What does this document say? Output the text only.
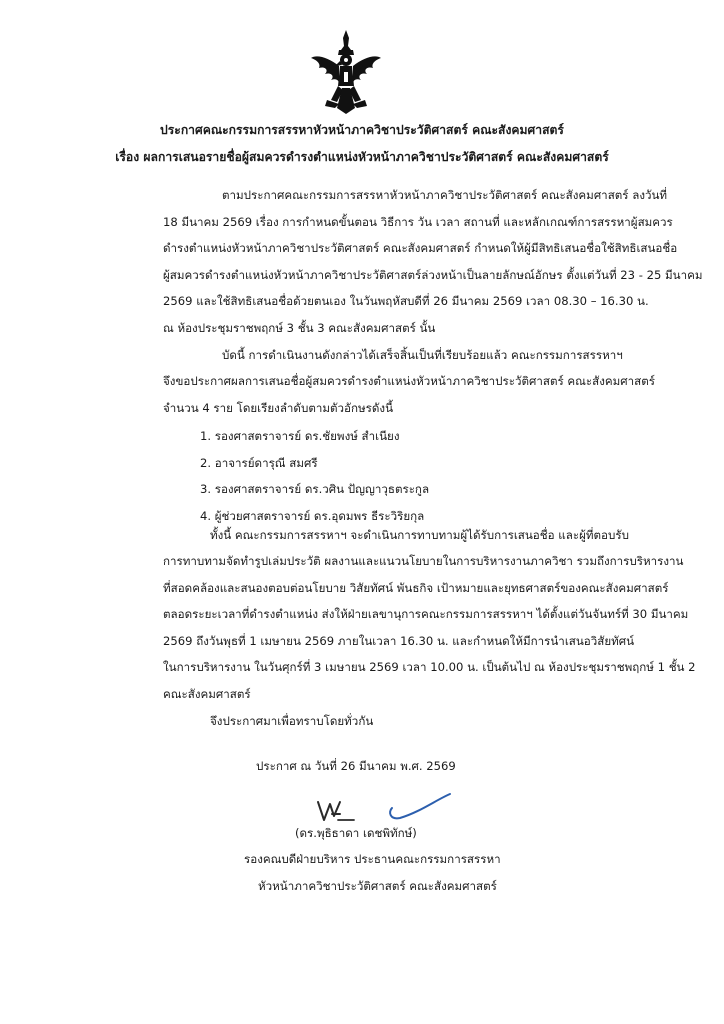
ประกาศคณะกรรมการสรรหาหัวหน้าภาควิชาประวัติศาสตร์ คณะสังคมศาสตร์
เรื่อง ผลการเสนอรายชื่อผู้สมควรดำรงตำแหน่งหัวหน้าภาควิชาประวัติศาสตร์ คณะสังคมศาสตร์
ตามประกาศคณะกรรมการสรรหาหัวหน้าภาควิชาประวัติศาสตร์ คณะสังคมศาสตร์ ลงวันที่
18 มีนาคม 2569 เรื่อง การกำหนดขั้นตอน วิธีการ วัน เวลา สถานที่ และหลักเกณฑ์การสรรหาผู้สมควร
ดำรงตำแหน่งหัวหน้าภาควิชาประวัติศาสตร์ คณะสังคมศาสตร์ กำหนดให้ผู้มีสิทธิเสนอชื่อใช้สิทธิเสนอชื่อ
ผู้สมควรดำรงตำแหน่งหัวหน้าภาควิชาประวัติศาสตร์ล่วงหน้าเป็นลายลักษณ์อักษร ตั้งแต่วันที่ 23 - 25 มีนาคม
2569 และใช้สิทธิเสนอชื่อด้วยตนเอง ในวันพฤหัสบดีที่ 26 มีนาคม 2569 เวลา 08.30 – 16.30 น.
ณ ห้องประชุมราชพฤกษ์ 3 ชั้น 3 คณะสังคมศาสตร์ นั้น
บัดนี้ การดำเนินงานดังกล่าวได้เสร็จสิ้นเป็นที่เรียบร้อยแล้ว คณะกรรมการสรรหาฯ
จึงขอประกาศผลการเสนอชื่อผู้สมควรดำรงตำแหน่งหัวหน้าภาควิชาประวัติศาสตร์ คณะสังคมศาสตร์
จำนวน 4 ราย โดยเรียงลำดับตามตัวอักษรดังนี้
1. รองศาสตราจารย์ ดร.ชัยพงษ์ สำเนียง
2. อาจารย์ดารุณี สมศรี
3. รองศาสตราจารย์ ดร.วศิน ปัญญาวุธตระกูล
4. ผู้ช่วยศาสตราจารย์ ดร.อุดมพร ธีระวิริยกุล
ทั้งนี้ คณะกรรมการสรรหาฯ จะดำเนินการทาบทามผู้ได้รับการเสนอชื่อ และผู้ที่ตอบรับ
การทาบทามจัดทำรูปเล่มประวัติ ผลงานและแนวนโยบายในการบริหารงานภาควิชา รวมถึงการบริหารงาน
ที่สอดคล้องและสนองตอบต่อนโยบาย วิสัยทัศน์ พันธกิจ เป้าหมายและยุทธศาสตร์ของคณะสังคมศาสตร์
ตลอดระยะเวลาที่ดำรงตำแหน่ง ส่งให้ฝ่ายเลขานุการคณะกรรมการสรรหาฯ ได้ตั้งแต่วันจันทร์ที่ 30 มีนาคม
2569 ถึงวันพุธที่ 1 เมษายน 2569 ภายในเวลา 16.30 น. และกำหนดให้มีการนำเสนอวิสัยทัศน์
ในการบริหารงาน ในวันศุกร์ที่ 3 เมษายน 2569 เวลา 10.00 น. เป็นต้นไป ณ ห้องประชุมราชพฤกษ์ 1 ชั้น 2
คณะสังคมศาสตร์
จึงประกาศมาเพื่อทราบโดยทั่วกัน
ประกาศ ณ วันที่ 26 มีนาคม พ.ศ. 2569
(ดร.พุธิธาดา เดชพิทักษ์)
รองคณบดีฝ่ายบริหาร ประธานคณะกรรมการสรรหา
หัวหน้าภาควิชาประวัติศาสตร์ คณะสังคมศาสตร์
